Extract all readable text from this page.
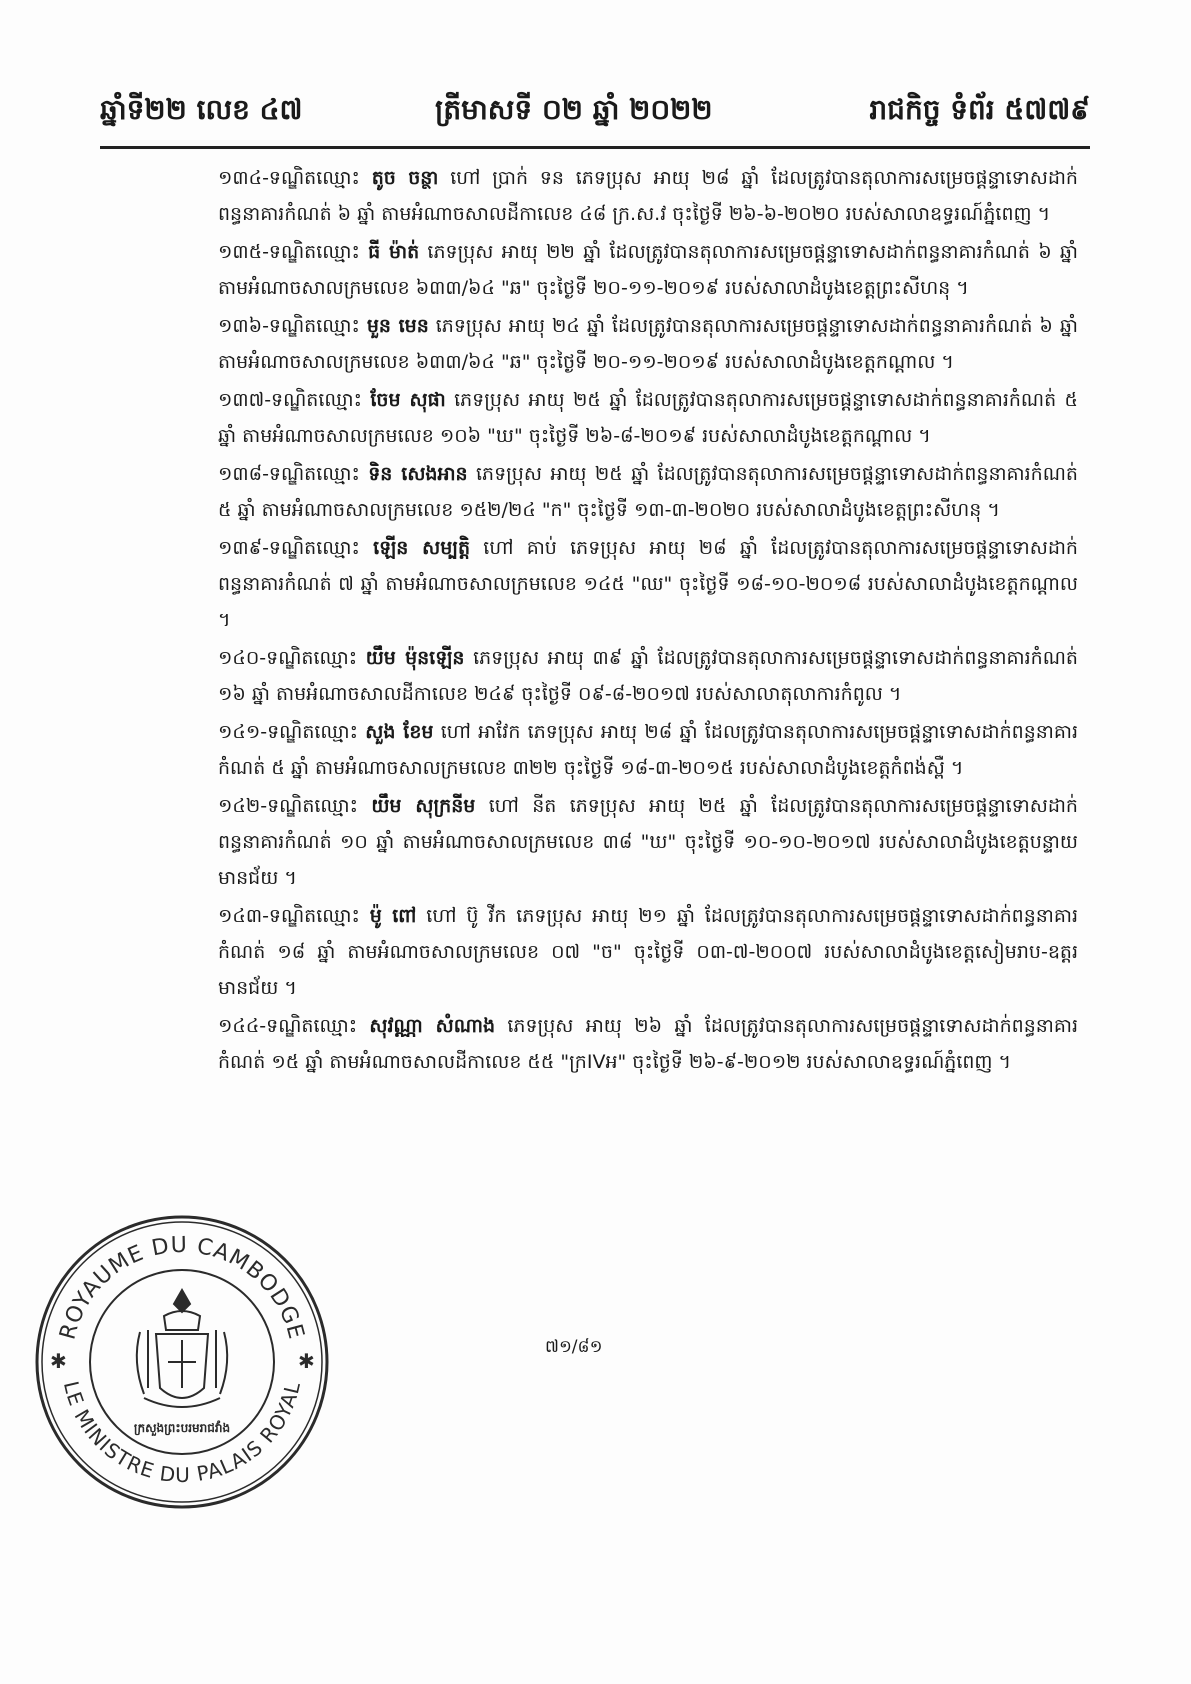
ឆ្នាំទី២២ លេខ ៤៧	ត្រីមាសទី ០២ ឆ្នាំ ២០២២	រាជកិច្ច ទំព័រ ៥៧៧៩

១៣៤-ទណ្ឌិតឈ្មោះ តូច ចន្ថា ហៅ ប្រាក់ ទន ភេទប្រុស អាយុ ២៨ ឆ្នាំ ដែលត្រូវបានតុលាការសម្រេចផ្តន្ទាទោសដាក់ពន្ធនាគារកំណត់ ៦ ឆ្នាំ តាមអំណាចសាលដីកាលេខ ៤៨ ក្រ.ស.វ ចុះថ្ងៃទី ២៦-៦-២០២០ របស់សាលាឧទ្ធរណ៍ភ្នំពេញ ។

១៣៥-ទណ្ឌិតឈ្មោះ ធី ម៉ាត់ ភេទប្រុស អាយុ ២២ ឆ្នាំ ដែលត្រូវបានតុលាការសម្រេចផ្តន្ទាទោសដាក់ពន្ធនាគារកំណត់ ៦ ឆ្នាំ តាមអំណាចសាលក្រមលេខ ៦៣៣/៦៤ "ឆ" ចុះថ្ងៃទី ២០-១១-២០១៩ របស់សាលាដំបូងខេត្តព្រះសីហនុ ។

១៣៦-ទណ្ឌិតឈ្មោះ មួន មេន ភេទប្រុស អាយុ ២៤ ឆ្នាំ ដែលត្រូវបានតុលាការសម្រេចផ្តន្ទាទោសដាក់ពន្ធនាគារកំណត់ ៦ ឆ្នាំ តាមអំណាចសាលក្រមលេខ ៦៣៣/៦៤ "ឆ" ចុះថ្ងៃទី ២០-១១-២០១៩ របស់សាលាដំបូងខេត្តកណ្តាល ។

១៣៧-ទណ្ឌិតឈ្មោះ ចែម សុផា ភេទប្រុស អាយុ ២៥ ឆ្នាំ ដែលត្រូវបានតុលាការសម្រេចផ្តន្ទាទោសដាក់ពន្ធនាគារកំណត់ ៥ ឆ្នាំ តាមអំណាចសាលក្រមលេខ ១០៦ "ឃ" ចុះថ្ងៃទី ២៦-៨-២០១៩ របស់សាលាដំបូងខេត្តកណ្តាល ។

១៣៨-ទណ្ឌិតឈ្មោះ ទិន សេងអាន ភេទប្រុស អាយុ ២៥ ឆ្នាំ ដែលត្រូវបានតុលាការសម្រេចផ្តន្ទាទោសដាក់ពន្ធនាគារកំណត់ ៥ ឆ្នាំ តាមអំណាចសាលក្រមលេខ ១៥២/២៤ "ក" ចុះថ្ងៃទី ១៣-៣-២០២០ របស់សាលាដំបូងខេត្តព្រះសីហនុ ។

១៣៩-ទណ្ឌិតឈ្មោះ ឡើន សម្បត្តិ ហៅ គាប់ ភេទប្រុស អាយុ ២៨ ឆ្នាំ ដែលត្រូវបានតុលាការសម្រេចផ្តន្ទាទោសដាក់ពន្ធនាគារកំណត់ ៧ ឆ្នាំ តាមអំណាចសាលក្រមលេខ ១៤៥ "ឈ" ចុះថ្ងៃទី ១៨-១០-២០១៨ របស់សាលាដំបូងខេត្តកណ្តាល ។

១៤០-ទណ្ឌិតឈ្មោះ យឹម ម៉ុនឡើន ភេទប្រុស អាយុ ៣៩ ឆ្នាំ ដែលត្រូវបានតុលាការសម្រេចផ្តន្ទាទោសដាក់ពន្ធនាគារកំណត់ ១៦ ឆ្នាំ តាមអំណាចសាលដីកាលេខ ២៤៩ ចុះថ្ងៃទី ០៩-៨-២០១៧ របស់សាលាតុលាការកំពូល ។

១៤១-ទណ្ឌិតឈ្មោះ សួង ខែម ហៅ អាវែក ភេទប្រុស អាយុ ២៨ ឆ្នាំ ដែលត្រូវបានតុលាការសម្រេចផ្តន្ទាទោសដាក់ពន្ធនាគារកំណត់ ៥ ឆ្នាំ តាមអំណាចសាលក្រមលេខ ៣២២ ចុះថ្ងៃទី ១៨-៣-២០១៥ របស់សាលាដំបូងខេត្តកំពង់ស្ពឺ ។

១៤២-ទណ្ឌិតឈ្មោះ យឹម សុក្រនីម ហៅ នីត ភេទប្រុស អាយុ ២៥ ឆ្នាំ ដែលត្រូវបានតុលាការសម្រេចផ្តន្ទាទោសដាក់ពន្ធនាគារកំណត់ ១០ ឆ្នាំ តាមអំណាចសាលក្រមលេខ ៣៨ "ឃ" ចុះថ្ងៃទី ១០-១០-២០១៧ របស់សាលាដំបូងខេត្តបន្ទាយមានជ័យ ។

១៤៣-ទណ្ឌិតឈ្មោះ ម៉ូ ពៅ ហៅ ប៊ូ វីក ភេទប្រុស អាយុ ២១ ឆ្នាំ ដែលត្រូវបានតុលាការសម្រេចផ្តន្ទាទោសដាក់ពន្ធនាគារកំណត់ ១៨ ឆ្នាំ តាមអំណាចសាលក្រមលេខ ០៧ "ច" ចុះថ្ងៃទី ០៣-៧-២០០៧ របស់សាលាដំបូងខេត្តសៀមរាប-ឧត្តរមានជ័យ ។

១៤៤-ទណ្ឌិតឈ្មោះ សុវណ្ណា សំណាង ភេទប្រុស អាយុ ២៦ ឆ្នាំ ដែលត្រូវបានតុលាការសម្រេចផ្តន្ទាទោសដាក់ពន្ធនាគារកំណត់ ១៥ ឆ្នាំ តាមអំណាចសាលដីកាលេខ ៥៥ "ក្រIVអ" ចុះថ្ងៃទី ២៦-៩-២០១២ របស់សាលាឧទ្ធរណ៍ភ្នំពេញ ។

៧១/៨១
ROYAUME DU CAMBODGE
LE MINISTRE DU PALAIS ROYAL
✱	✱
ក្រសួងព្រះបរមរាជវាំង
